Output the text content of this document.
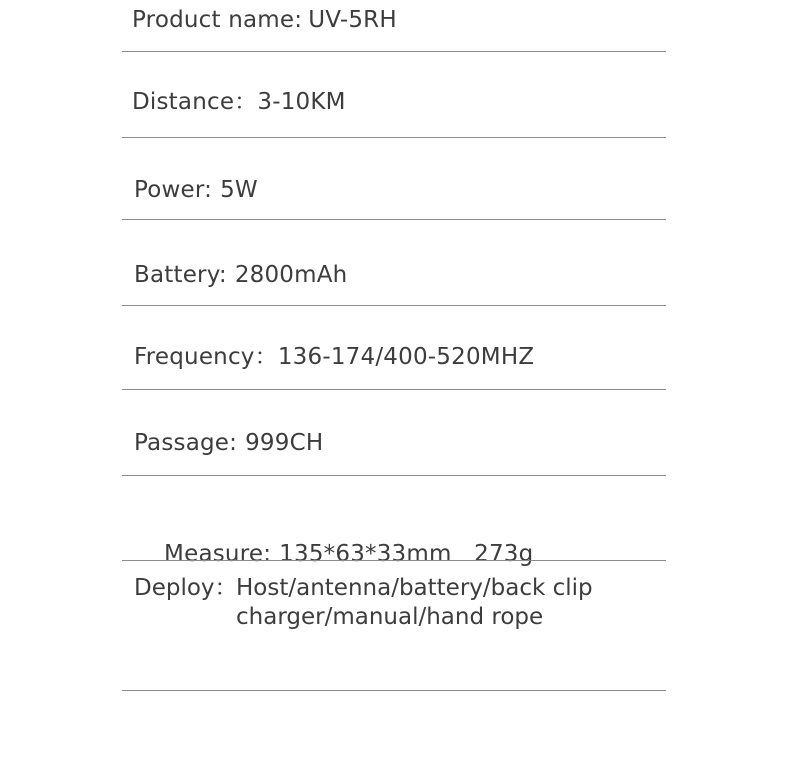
Product name: UV-5RH
Distance：3-10KM
Power: 5W
Battery: 2800mAh
Frequency：136-174/400-520MHZ
Passage: 999CH

Measure: 135*63*33mm   273g

Deploy：
Host/antenna/battery/back clip
charger/manual/hand rope
